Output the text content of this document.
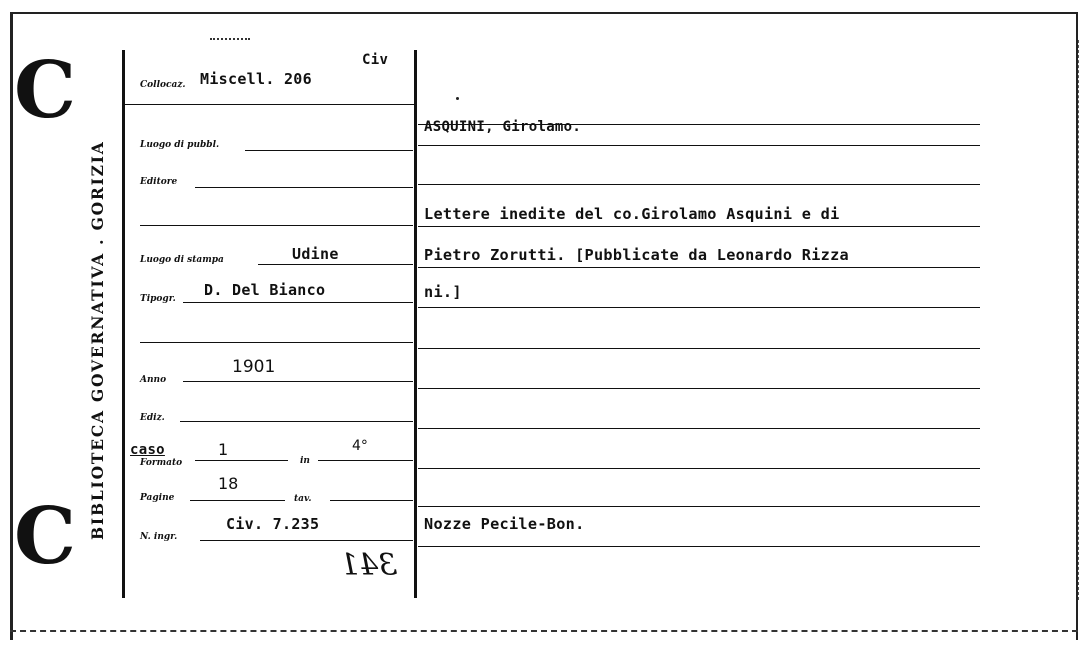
BIBLIOTECA GOVERNATIVA . GORIZIA
C
C
Collocaz. Miscell. 206
Civ
Luogo di pubbl.
Editore
Luogo di stampa	Udine
Tipogr. D. Del Bianco
Anno
1901
Ediz.
Formato
caso	1
in
4°
Pagine
18
tav.
N. ingr.
Civ. 7.235
341
ASQUINI, Girolamo.
Lettere inedite del co.Girolamo Asquini e di
Pietro Zorutti. [Pubblicate da Leonardo Rizza
ni.]
Nozze Pecile-Bon.
